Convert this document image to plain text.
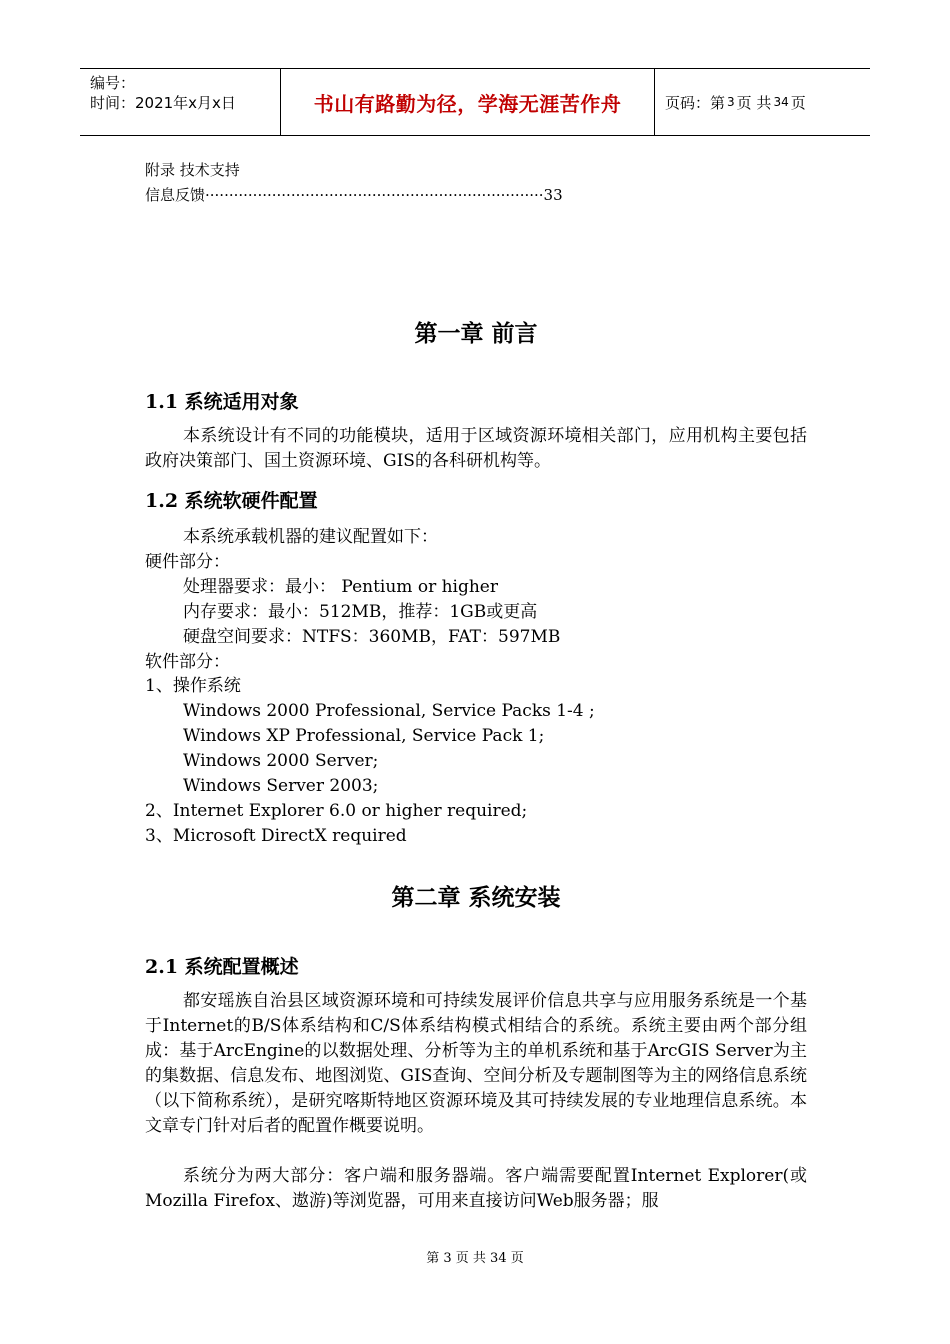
编号：
时间：2021年x月x日	书山有路勤为径，学海无涯苦作舟	页码：第 3 页 共 34 页
附录 技术支持
信息反馈·······································································33
第一章 前言
1.1 系统适用对象
本系统设计有不同的功能模块，适用于区域资源环境相关部门，应用机构主要包括政府决策部门、国土资源环境、GIS的各科研机构等。
1.2 系统软硬件配置
本系统承载机器的建议配置如下：
硬件部分：
处理器要求：最小： Pentium or higher
内存要求：最小：512MB，推荐：1GB或更高
硬盘空间要求：NTFS：360MB，FAT：597MB
软件部分：
1、操作系统
Windows 2000 Professional, Service Packs 1-4 ;
Windows XP Professional, Service Pack 1;
Windows 2000 Server;
Windows Server 2003;
2、Internet Explorer 6.0 or higher required;
3、Microsoft DirectX required
第二章 系统安装
2.1 系统配置概述
都安瑶族自治县区域资源环境和可持续发展评价信息共享与应用服务系统是一个基于Internet的B/S体系结构和C/S体系结构模式相结合的系统。系统主要由两个部分组成：基于ArcEngine的以数据处理、分析等为主的单机系统和基于ArcGIS Server为主的集数据、信息发布、地图浏览、GIS查询、空间分析及专题制图等为主的网络信息系统（以下简称系统），是研究喀斯特地区资源环境及其可持续发展的专业地理信息系统。本文章专门针对后者的配置作概要说明。
系统分为两大部分：客户端和服务器端。客户端需要配置Internet Explorer(或Mozilla Firefox、遨游)等浏览器，可用来直接访问Web服务器；服
第 3 页 共 34 页
